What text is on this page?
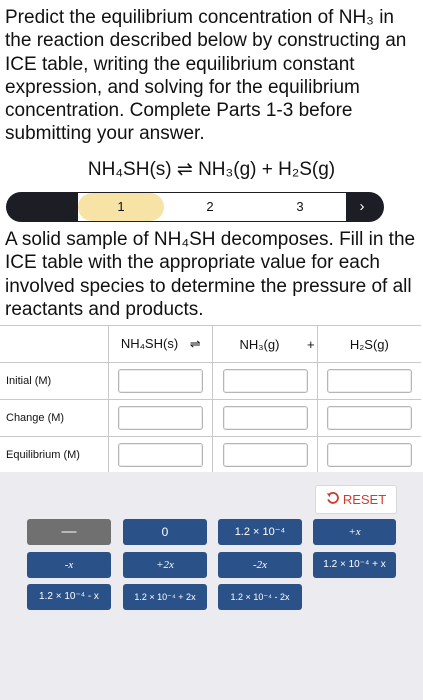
Predict the equilibrium concentration of NH₃ in the reaction described below by constructing an ICE table, writing the equilibrium constant expression, and solving for the equilibrium concentration. Complete Parts 1-3 before submitting your answer.
NH₄SH(s) ⇌ NH₃(g) + H₂S(g)
1	2	3	›
A solid sample of NH₄SH decomposes. Fill in the ICE table with the appropriate value for each involved species to determine the pressure of all reactants and products.
	NH₄SH(s) ⇌	NH₃(g) +	H₂S(g)
Initial (M)	

Change (M)	

Equilibrium (M)	

RESET
—	0	1.2 × 10⁻⁴	+x
-x	+2x	-2x	1.2 × 10⁻⁴ + x
1.2 × 10⁻⁴ - x	1.2 × 10⁻⁴ + 2x	1.2 × 10⁻⁴ - 2x
